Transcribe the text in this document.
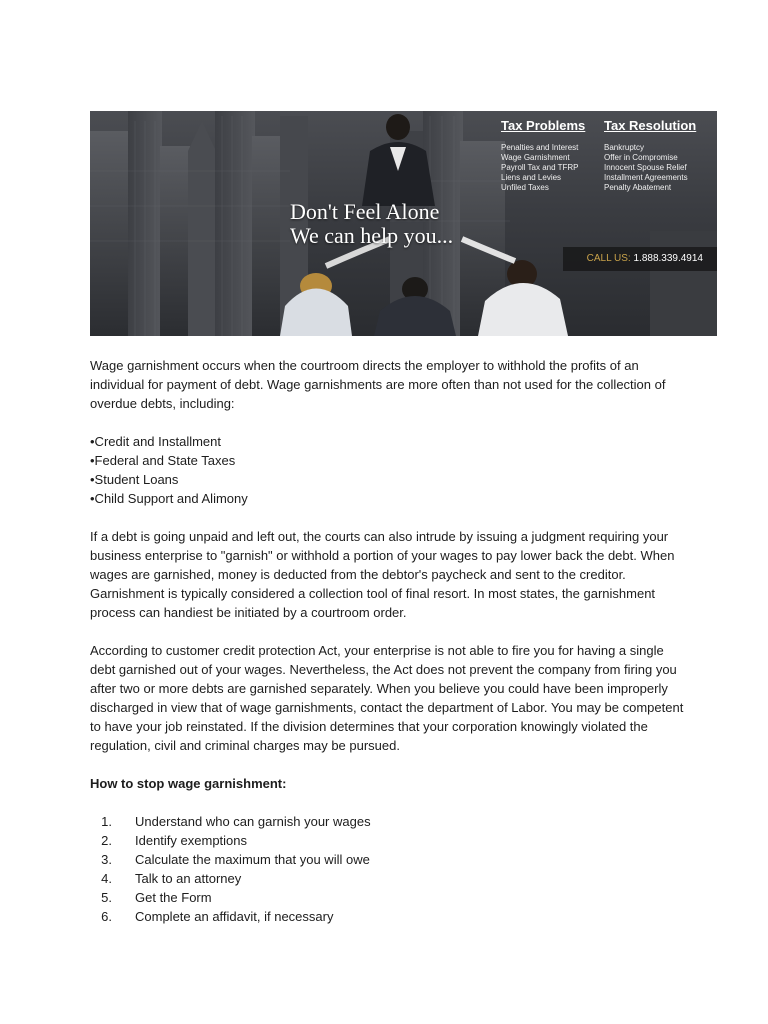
Don't Feel Alone
We can help you...
Tax Problems
Penalties and Interest
Wage Garnishment
Payroll Tax and TFRP
Liens and Levies
Unfiled Taxes
Tax Resolution
Bankruptcy
Offer in Compromise
Innocent Spouse Relief
Installment Agreements
Penalty Abatement
CALL US: 1.888.339.4914

Wage garnishment occurs when the courtroom directs the employer to withhold the profits of an individual for payment of debt. Wage garnishments are more often than not used for the collection of overdue debts, including:

•Credit and Installment
•Federal and State Taxes
•Student Loans
•Child Support and Alimony

If a debt is going unpaid and left out, the courts can also intrude by issuing a judgment requiring your business enterprise to "garnish" or withhold a portion of your wages to pay lower back the debt. When wages are garnished, money is deducted from the debtor's paycheck and sent to the creditor. Garnishment is typically considered a collection tool of final resort. In most states, the garnishment process can handiest be initiated by a courtroom order.

According to customer credit protection Act, your enterprise is not able to fire you for having a single debt garnished out of your wages. Nevertheless, the Act does not prevent the company from firing you after two or more debts are garnished separately. When you believe you could have been improperly discharged in view that of wage garnishments, contact the department of Labor. You may be competent to have your job reinstated. If the division determines that your corporation knowingly violated the regulation, civil and criminal charges may be pursued.

How to stop wage garnishment:

1. Understand who can garnish your wages
2. Identify exemptions
3. Calculate the maximum that you will owe
4. Talk to an attorney
5. Get the Form
6. Complete an affidavit, if necessary
